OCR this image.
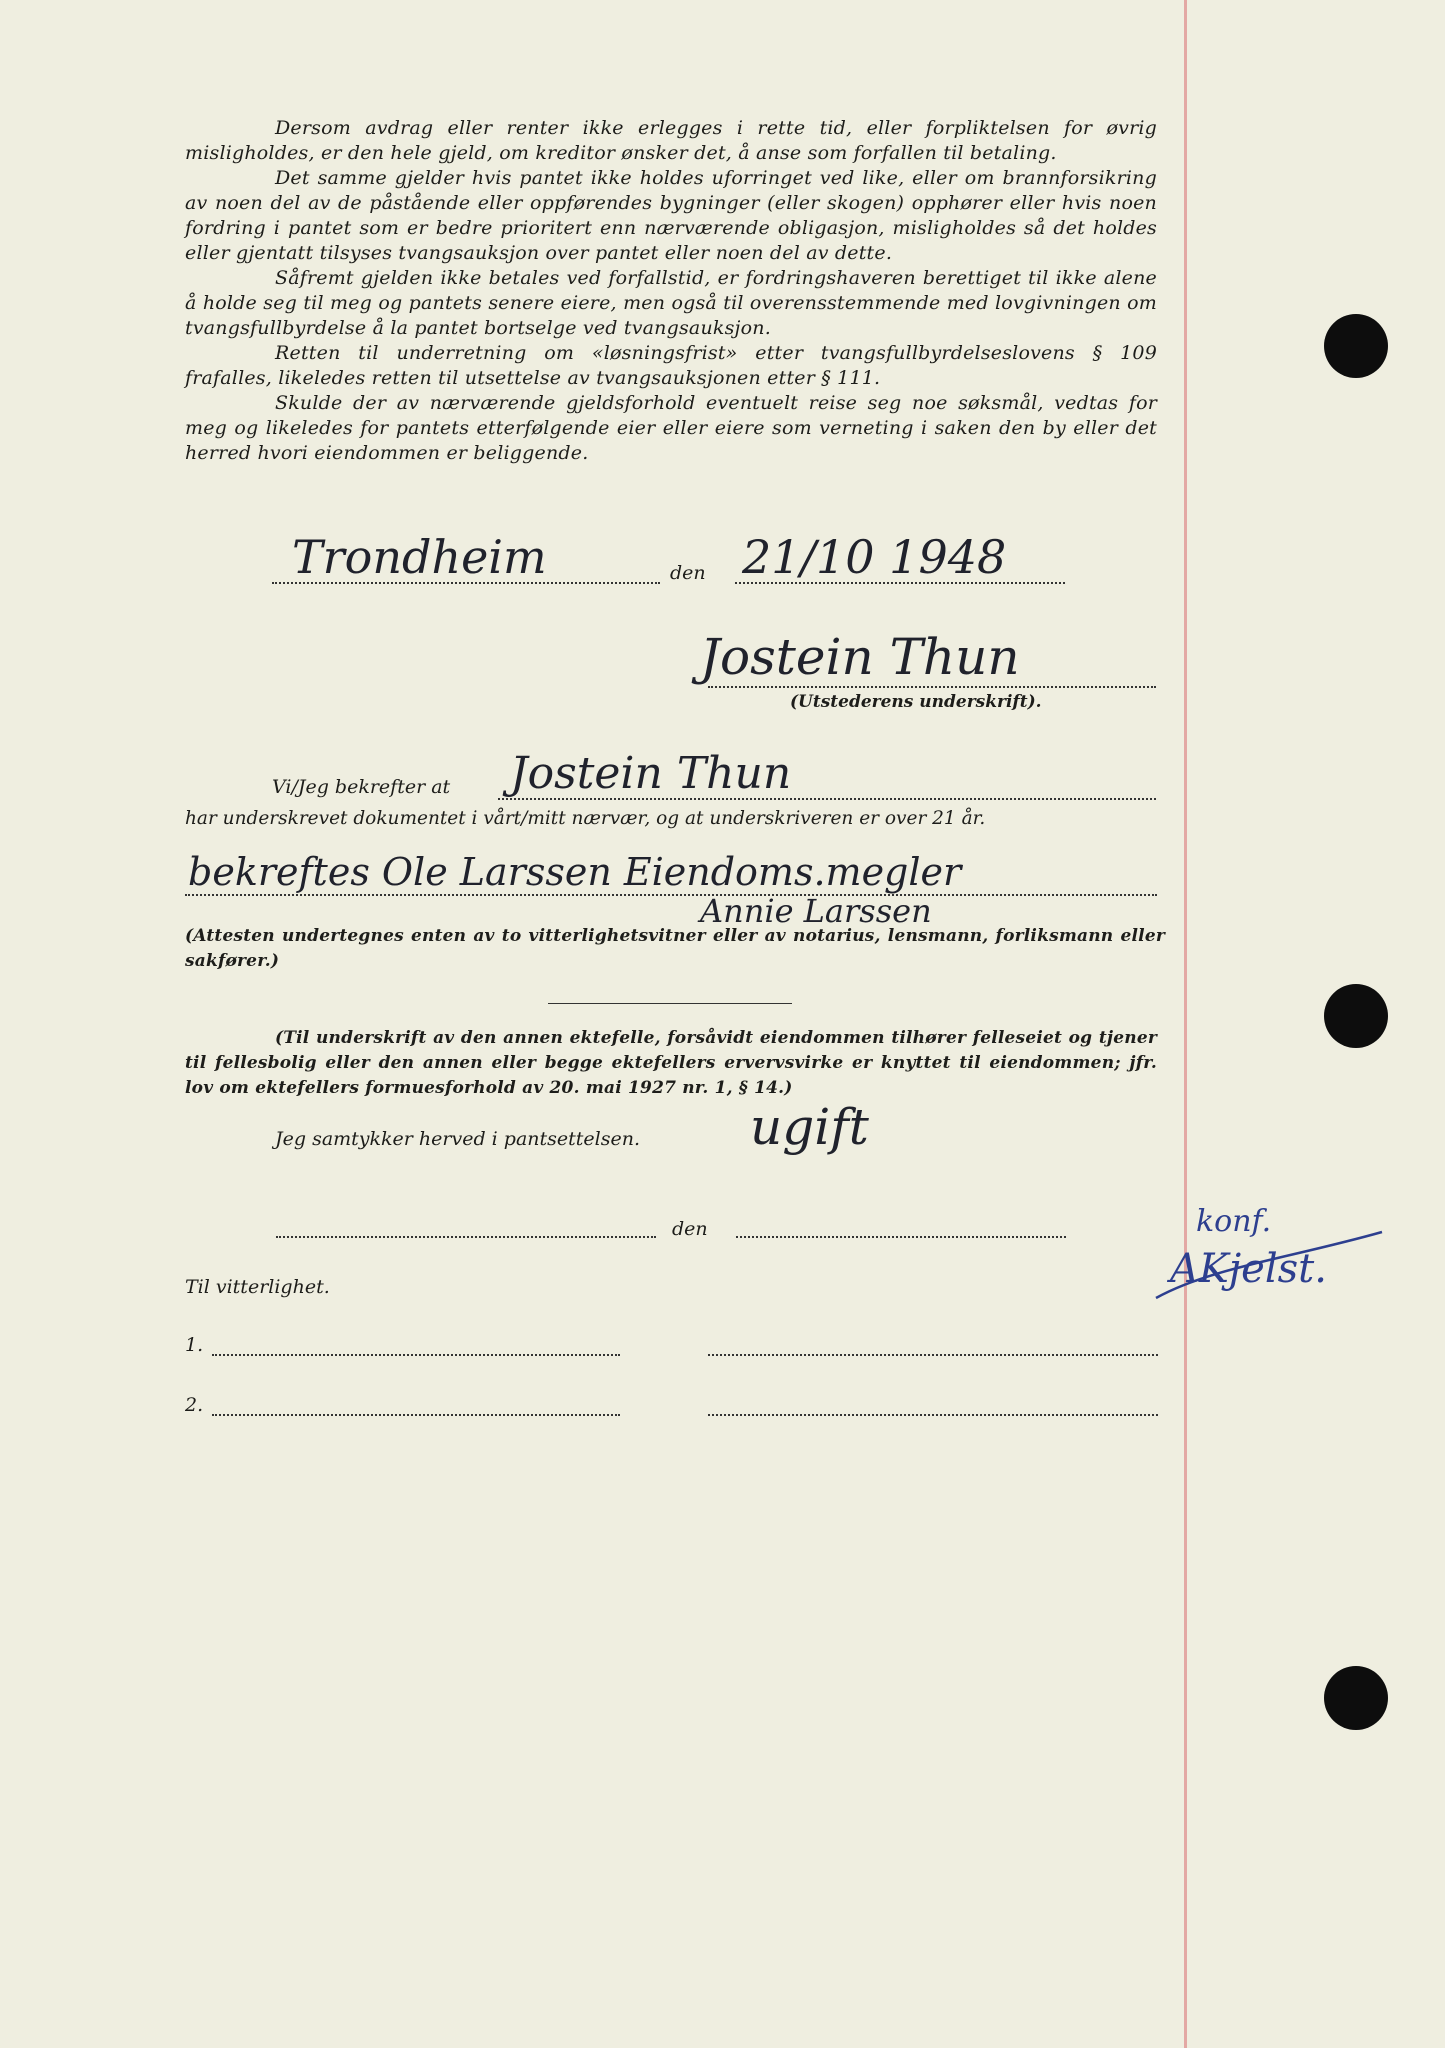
Dersom avdrag eller renter ikke erlegges i rette tid, eller forpliktelsen for øvrig misligholdes, er den hele gjeld, om kreditor ønsker det, å anse som forfallen til betaling.

Det samme gjelder hvis pantet ikke holdes uforringet ved like, eller om brannforsikring av noen del av de påstående eller oppførendes bygninger (eller skogen) opphører eller hvis noen fordring i pantet som er bedre prioritert enn nærværende obligasjon, misligholdes så det holdes eller gjentatt tilsyses tvangsauksjon over pantet eller noen del av dette.

Såfremt gjelden ikke betales ved forfallstid, er fordringshaveren berettiget til ikke alene å holde seg til meg og pantets senere eiere, men også til overensstemmende med lovgivningen om tvangsfullbyrdelse å la pantet bortselge ved tvangsauksjon.

Retten til underretning om «løsningsfrist» etter tvangsfullbyrdelseslovens § 109 frafalles, likeledes retten til utsettelse av tvangsauksjonen etter § 111.

Skulde der av nærværende gjeldsforhold eventuelt reise seg noe søksmål, vedtas for meg og likeledes for pantets etterfølgende eier eller eiere som verneting i saken den by eller det herred hvori eiendommen er beliggende.

Trondheim	den 21/10 1948
Jostein Thun
(Utstederens underskrift).
Vi/Jeg bekrefter at Jostein Thun
har underskrevet dokumentet i vårt/mitt nærvær, og at underskriveren er over 21 år.
bekreftes Ole Larssen Eiendoms.megler
Annie Larssen

(Attesten undertegnes enten av to vitterlighetsvitner eller av notarius, lensmann, forliksmann eller sakfører.)

(Til underskrift av den annen ektefelle, forsåvidt eiendommen tilhører felleseiet og tjener til fellesbolig eller den annen eller begge ektefellers ervervsvirke er knyttet til eiendommen; jfr. lov om ektefellers formuesforhold av 20. mai 1927 nr. 1, § 14.)

Jeg samtykker herved i pantsettelsen. ugift
den
Til vitterlighet.
1.
2.
konf.
AKjelst.
